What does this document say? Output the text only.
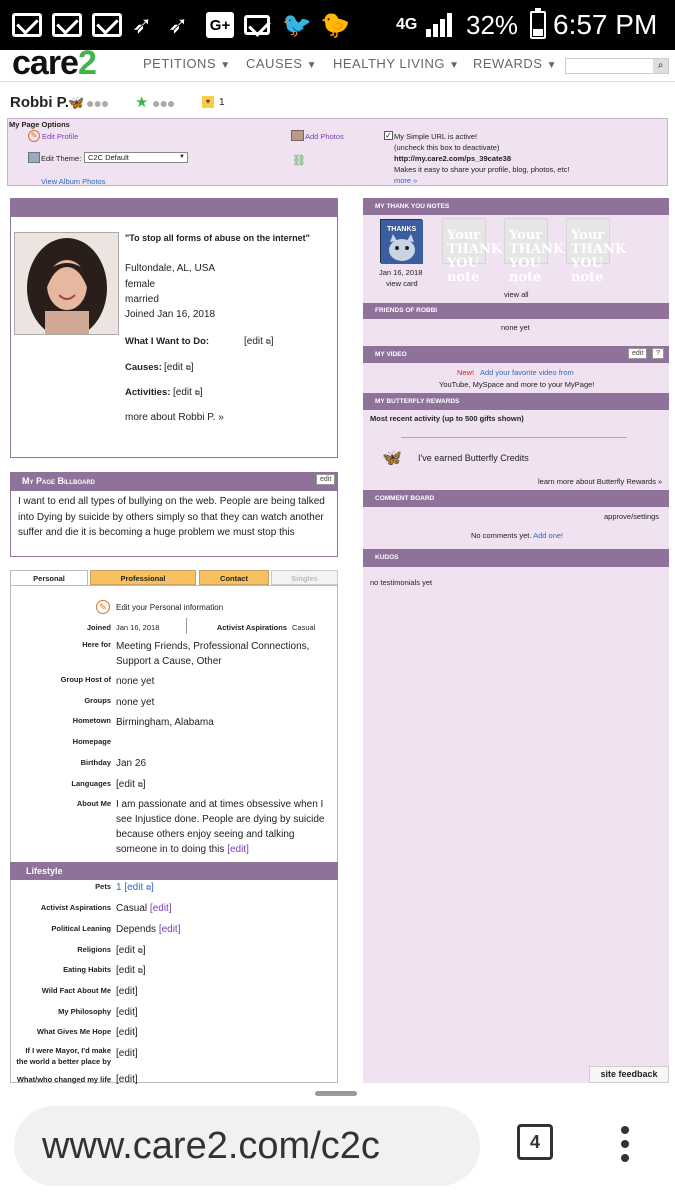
➶ ➶ G+ 🐦 🐤	4G 32% 6:57 PM
care2	PETITIONS ▼ CAUSES ▼ HEALTHY LIVING ▼ REWARDS ▼	⌕
Robbi P. 🦋 ●●● ★ ●●●	♥ 1
My Page Options
✎ Edit Profile
Edit Theme: C2C Default	▼
View Album Photos
Add Photos
⛓
✓ My Simple URL is active!
(uncheck this box to deactivate)
http://my.care2.com/ps_39cate38
Makes it easy to share your profile, blog, photos, etc!
more »
"To stop all forms of abuse on the internet"
Fultondale, AL, USA
female
married
Joined Jan 16, 2018
What I Want to Do:	[edit ⧉]
Causes: [edit ⧉]
Activities: [edit ⧉]
more about Robbi P. »
My Page Billboard	edit
I want to end all types of bullying on the web. People are being talked into Dying by suicide by others simply so that they can watch another suffer and die it is becoming a huge problem we must stop this
Personal	Professional	Contact	Singles
✎	Edit your Personal information
Joined Jan 16, 2018	Activist Aspirations Casual
Here for Meeting Friends, Professional Connections, Support a Cause, Other
Group Host of none yet
Groups none yet
Hometown Birmingham, Alabama
Homepage
Birthday Jan 26
Languages [edit ⧉]
About Me I am passionate and at times obsessive when I see Injustice done. People are dying by suicide because others enjoy seeing and talking someone in to doing this [edit]
Lifestyle
Pets 1 [edit ⧉]
Activist Aspirations Casual [edit]
Political Leaning Depends [edit]
Religions [edit ⧉]
Eating Habits [edit ⧉]
Wild Fact About Me [edit]
My Philosophy [edit]
What Gives Me Hope [edit]
If I were Mayor, I'd make
the world a better place by
[edit]
What/who changed my life [edit]
MY THANK YOU NOTES
THANKS
Jan 16, 2018
view card
Your THANK YOU note
Your THANK YOU note
Your THANK YOU note
view all
FRIENDS OF ROBBI
none yet
MY VIDEO	edit	?
New! Add your favorite video from
YouTube, MySpace and more to your MyPage!
MY BUTTERFLY REWARDS
Most recent activity (up to 500 gifts shown)
🦋 I've earned Butterfly Credits
learn more about Butterfly Rewards »
COMMENT BOARD
approve/settings
No comments yet. Add one!
KUDOS
no testimonials yet
site feedback
www.care2.com/c2c	4
